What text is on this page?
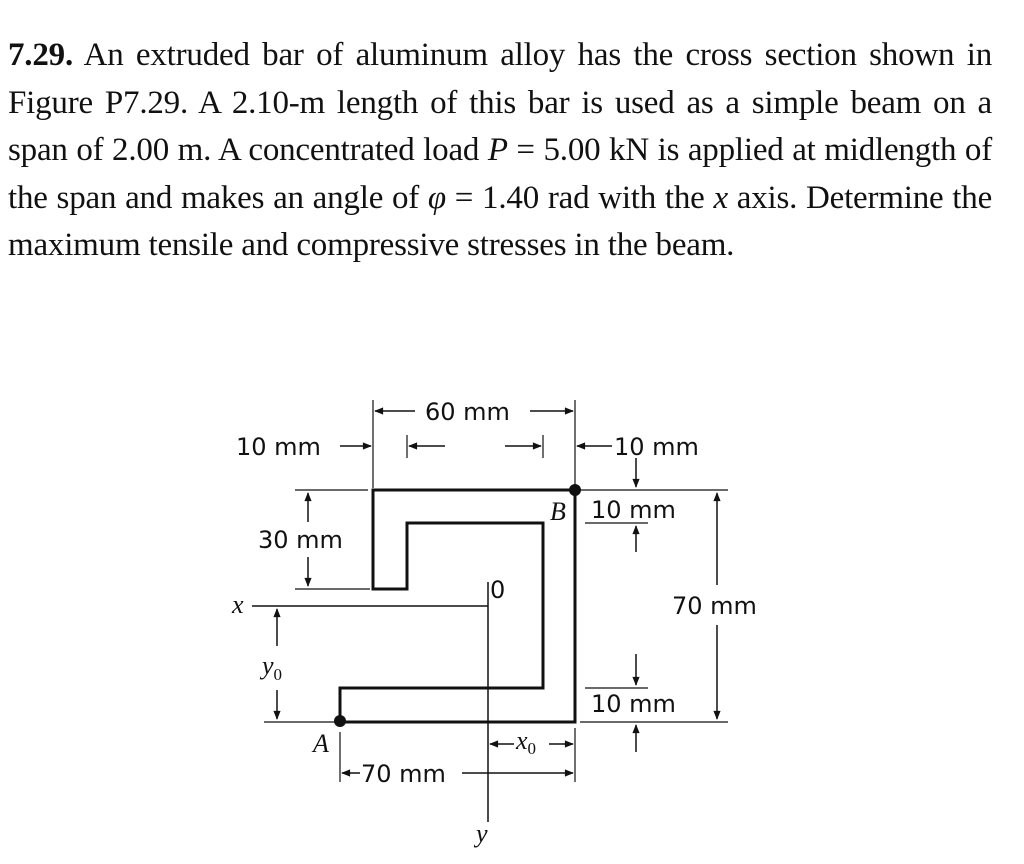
7.29. An extruded bar of aluminum alloy has the cross section shown in Figure P7.29. A 2.10-m length of this bar is used as a simple beam on a span of 2.00 m. A concentrated load P = 5.00 kN is applied at midlength of the span and makes an angle of φ = 1.40 rad with the x axis. Determine the maximum tensile and compressive stresses in the beam.
60 mm
10 mm	10 mm
10 mm
10 mm
70 mm
30 mm
$y_0$
70 mm
x0
x
y
0
A
B
